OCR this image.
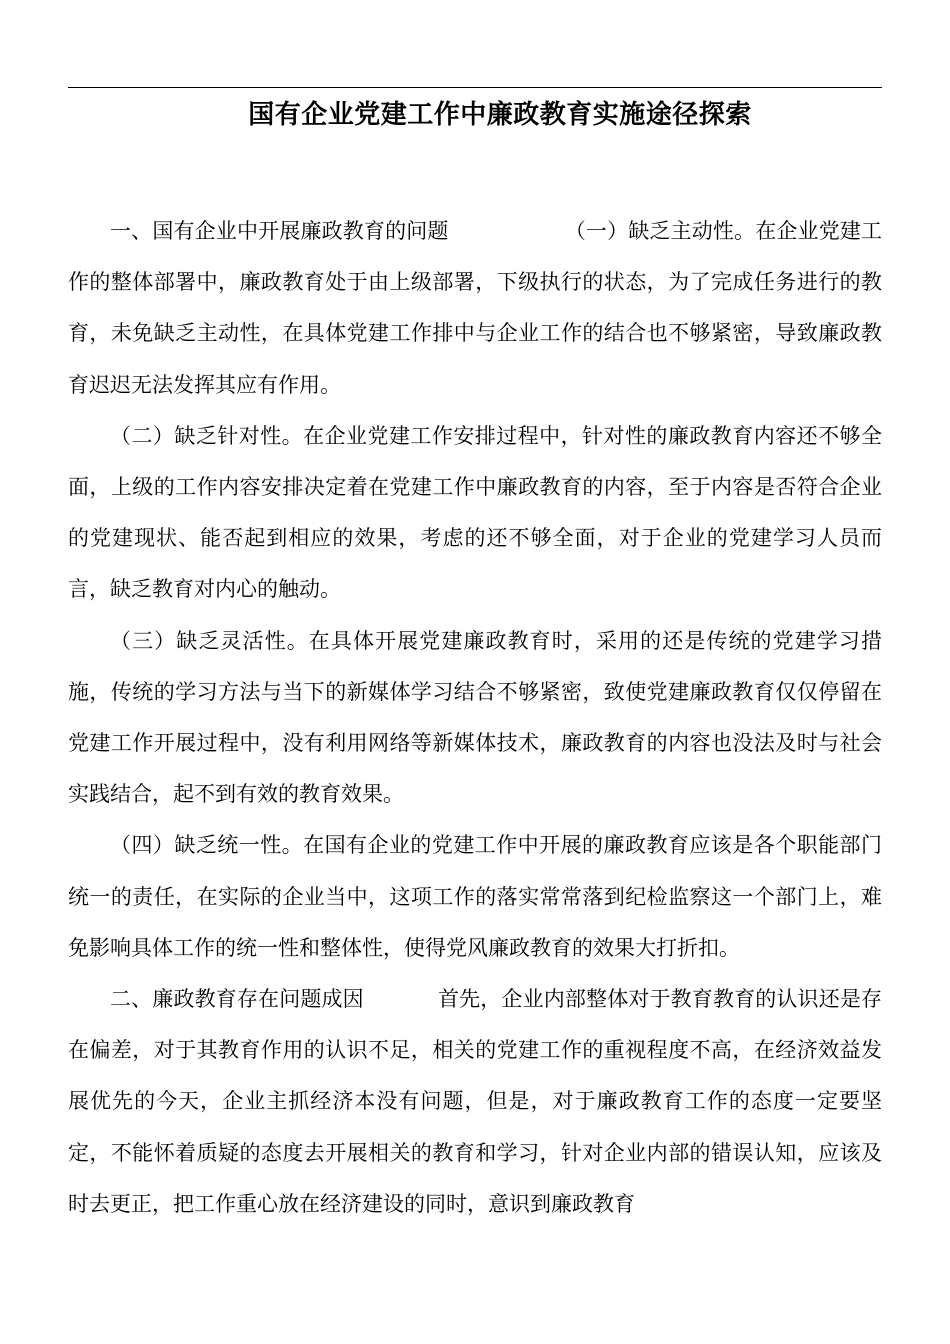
国有企业党建工作中廉政教育实施途径探索

一、国有企业中开展廉政教育的问题	（一）缺乏主动性。在企业党建工作的整体部署中，廉政教育处于由上级部署，下级执行的状态，为了完成任务进行的教育，未免缺乏主动性，在具体党建工作排中与企业工作的结合也不够紧密，导致廉政教育迟迟无法发挥其应有作用。

（二）缺乏针对性。在企业党建工作安排过程中，针对性的廉政教育内容还不够全面，上级的工作内容安排决定着在党建工作中廉政教育的内容，至于内容是否符合企业的党建现状、能否起到相应的效果，考虑的还不够全面，对于企业的党建学习人员而言，缺乏教育对内心的触动。

（三）缺乏灵活性。在具体开展党建廉政教育时，采用的还是传统的党建学习措施，传统的学习方法与当下的新媒体学习结合不够紧密，致使党建廉政教育仅仅停留在党建工作开展过程中，没有利用网络等新媒体技术，廉政教育的内容也没法及时与社会实践结合，起不到有效的教育效果。

（四）缺乏统一性。在国有企业的党建工作中开展的廉政教育应该是各个职能部门统一的责任，在实际的企业当中，这项工作的落实常常落到纪检监察这一个部门上，难免影响具体工作的统一性和整体性，使得党风廉政教育的效果大打折扣。

二、廉政教育存在问题成因	首先，企业内部整体对于教育教育的认识还是存在偏差，对于其教育作用的认识不足，相关的党建工作的重视程度不高，在经济效益发展优先的今天，企业主抓经济本没有问题，但是，对于廉政教育工作的态度一定要坚定，不能怀着质疑的态度去开展相关的教育和学习，针对企业内部的错误认知，应该及时去更正，把工作重心放在经济建设的同时，意识到廉政教育
